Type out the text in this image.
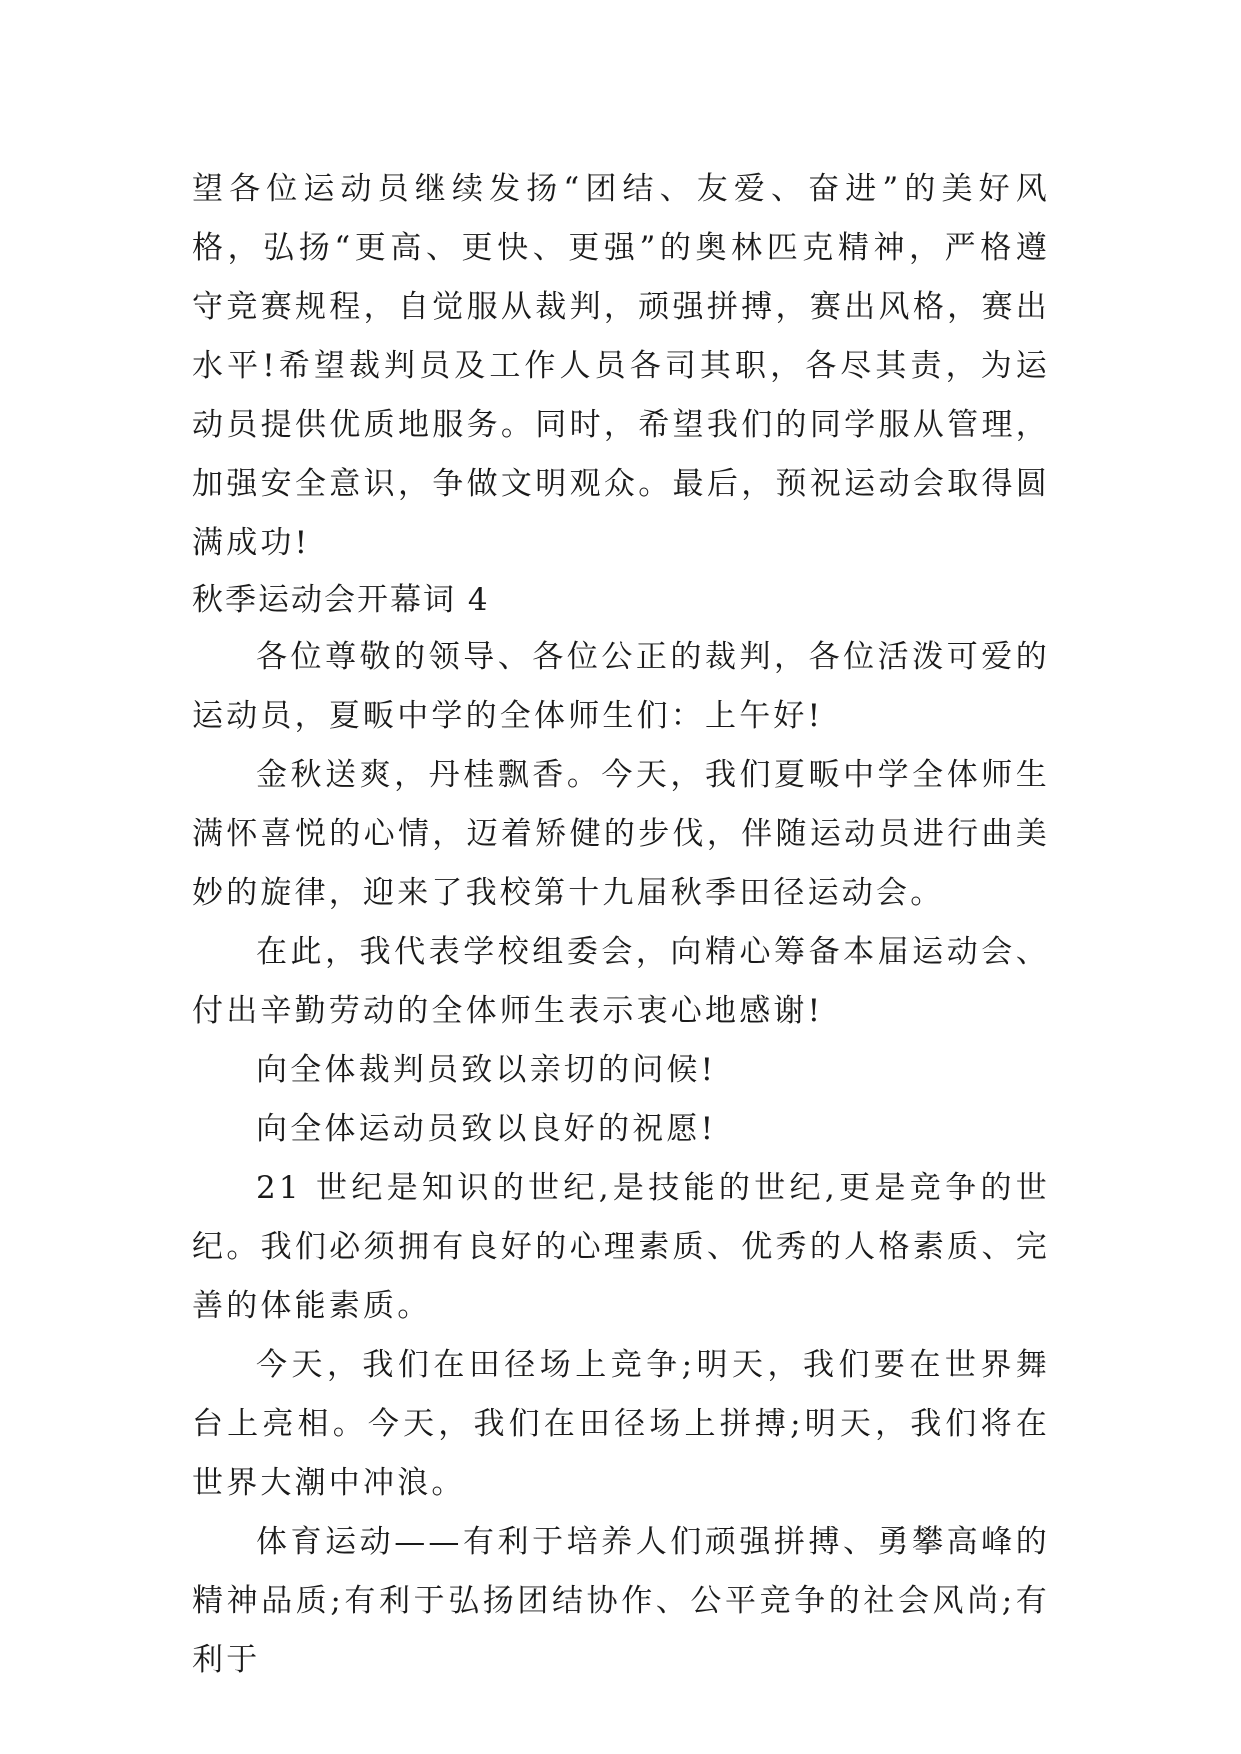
望各位运动员继续发扬“团结、友爱、奋进”的美好风格，弘扬“更高、更快、更强”的奥林匹克精神，严格遵守竞赛规程，自觉服从裁判，顽强拼搏，赛出风格，赛出水平!希望裁判员及工作人员各司其职，各尽其责，为运动员提供优质地服务。同时，希望我们的同学服从管理，加强安全意识，争做文明观众。最后，预祝运动会取得圆满成功!

秋季运动会开幕词 4

各位尊敬的领导、各位公正的裁判，各位活泼可爱的运动员，夏畈中学的全体师生们：上午好!

金秋送爽，丹桂飘香。今天，我们夏畈中学全体师生满怀喜悦的心情，迈着矫健的步伐，伴随运动员进行曲美妙的旋律，迎来了我校第十九届秋季田径运动会。

在此，我代表学校组委会，向精心筹备本届运动会、付出辛勤劳动的全体师生表示衷心地感谢!

向全体裁判员致以亲切的问候!

向全体运动员致以良好的祝愿!

21 世纪是知识的世纪,是技能的世纪,更是竞争的世纪。我们必须拥有良好的心理素质、优秀的人格素质、完善的体能素质。

今天，我们在田径场上竞争;明天，我们要在世界舞台上亮相。今天，我们在田径场上拼搏;明天，我们将在世界大潮中冲浪。

体育运动——有利于培养人们顽强拼搏、勇攀高峰的精神品质;有利于弘扬团结协作、公平竞争的社会风尚;有利于
